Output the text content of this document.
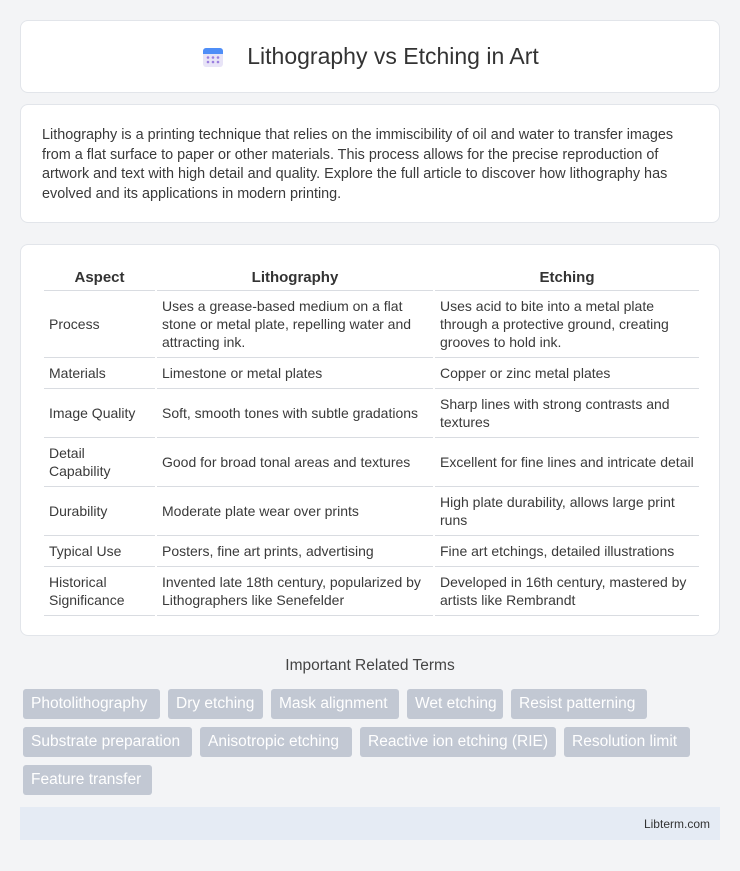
Lithography vs Etching in Art

Lithography is a printing technique that relies on the immiscibility of oil and water to transfer images from a flat surface to paper or other materials. This process allows for the precise reproduction of artwork and text with high detail and quality. Explore the full article to discover how lithography has evolved and its applications in modern printing.

Aspect	Lithography	Etching
Process	Uses a grease-based medium on a flat stone or metal plate, repelling water and attracting ink.	Uses acid to bite into a metal plate through a protective ground, creating grooves to hold ink.
Materials	Limestone or metal plates	Copper or zinc metal plates
Image Quality	Soft, smooth tones with subtle gradations	Sharp lines with strong contrasts and textures
Detail Capability	Good for broad tonal areas and textures	Excellent for fine lines and intricate detail
Durability	Moderate plate wear over prints	High plate durability, allows large print runs
Typical Use	Posters, fine art prints, advertising	Fine art etchings, detailed illustrations
Historical Significance	Invented late 18th century, popularized by Lithographers like Senefelder	Developed in 16th century, mastered by artists like Rembrandt
Important Related Terms
Photolithography	Dry etching	Mask alignment	Wet etching	Resist patterning
Substrate preparation	Anisotropic etching	Reactive ion etching (RIE)	Resolution limit
Feature transfer
Libterm.com
